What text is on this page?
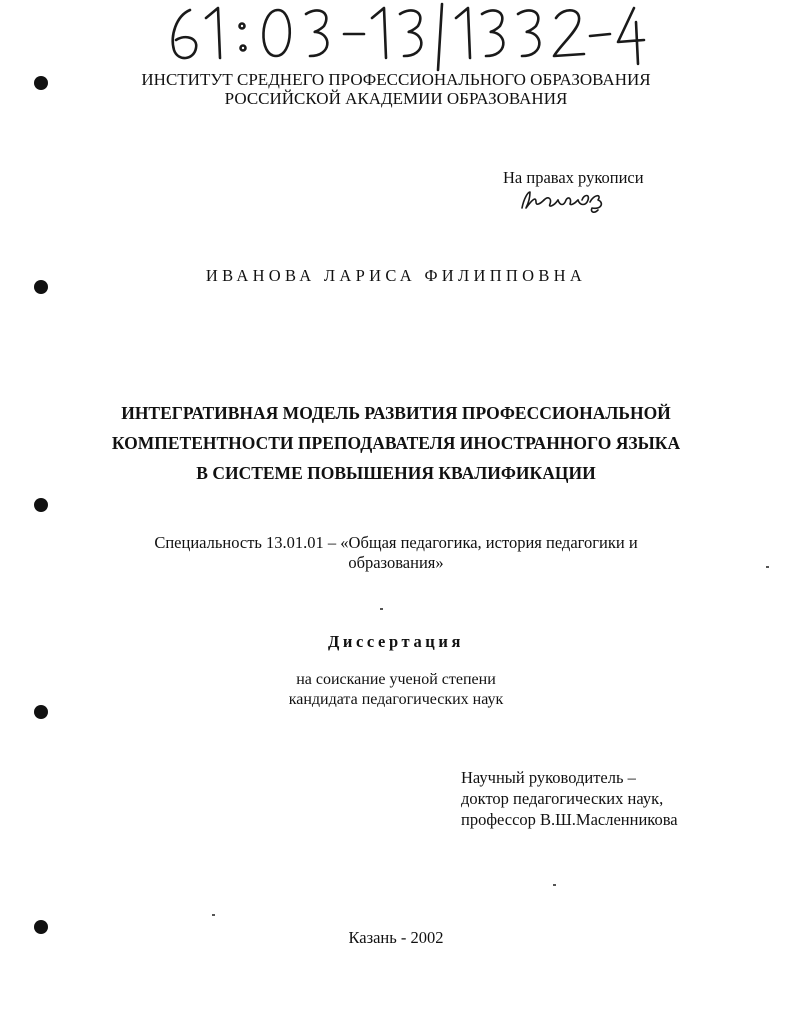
ИНСТИТУТ СРЕДНЕГО ПРОФЕССИОНАЛЬНОГО ОБРАЗОВАНИЯ
РОССИЙСКОЙ АКАДЕМИИ ОБРАЗОВАНИЯ
На правах рукописи
ИВАНОВА ЛАРИСА ФИЛИППОВНА
ИНТЕГРАТИВНАЯ МОДЕЛЬ РАЗВИТИЯ ПРОФЕССИОНАЛЬНОЙ
КОМПЕТЕНТНОСТИ ПРЕПОДАВАТЕЛЯ ИНОСТРАННОГО ЯЗЫКА
В СИСТЕМЕ ПОВЫШЕНИЯ КВАЛИФИКАЦИИ
Специальность 13.01.01 – «Общая педагогика, история педагогики и
образования»
Диссертация
на соискание ученой степени
кандидата педагогических наук
Научный руководитель –
доктор педагогических наук,
профессор В.Ш.Масленникова
Казань - 2002
